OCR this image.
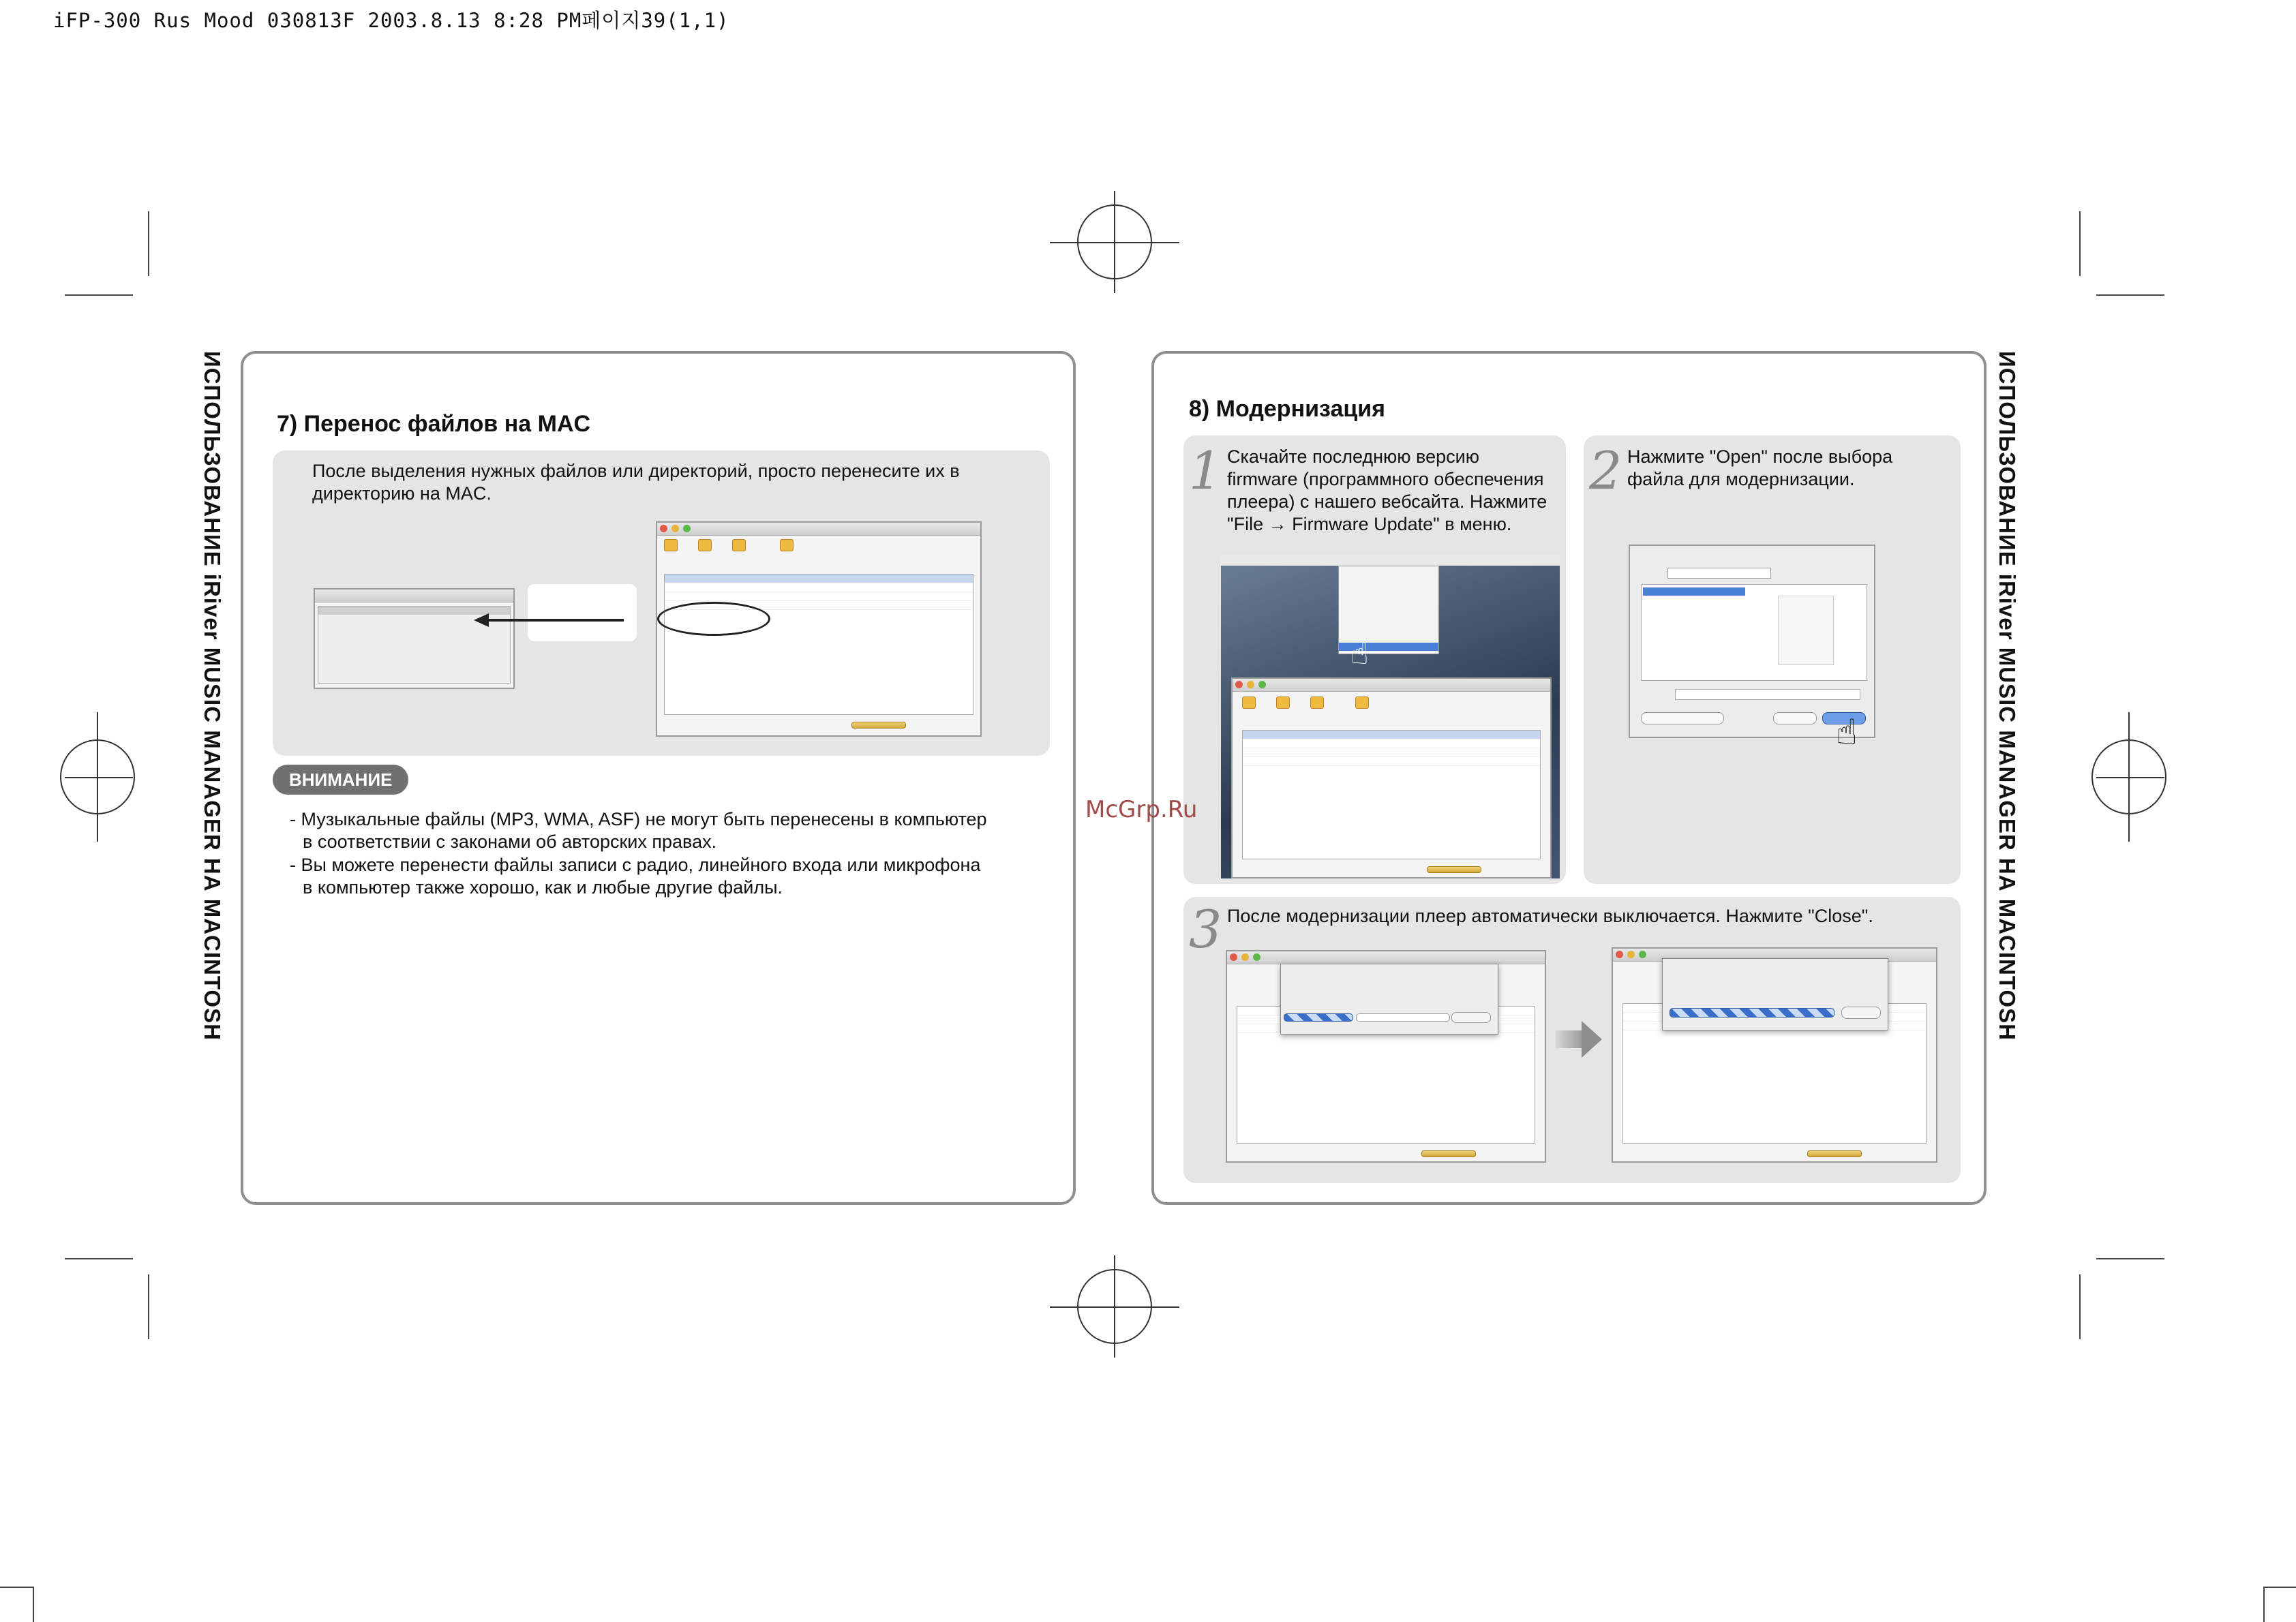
iFP-300 Rus Mood 030813F 2003.8.13 8:28 PM페이지39(1,1)
ИСПОЛЬЗОВАНИЕ iRiver MUSIC MANAGER НА MACINTOSH	ИСПОЛЬЗОВАНИЕ iRiver MUSIC MANAGER НА MACINTOSH
7) Перенос файлов на MAC
После выделения нужных файлов или директорий, просто перенесите их в
директорию на MAC.

ВНИМАНИЕ
- Музыкальные файлы (MP3, WMA, ASF) не могут быть перенесены в компьютер
в соответствии с законами об авторских правах.
- Вы можете перенести файлы записи с радио, линейного входа или микрофона
в компьютер также хорошо, как и любые другие файлы.
8) Модернизация
1 Скачайте последнюю версию
firmware (программного обеспечения
плеера) с нашего вебсайта. Нажмите
"File → Firmware Update" в меню.
☝

2 Нажмите "Open" после выбора
файла для модернизации.
☝
3 После модернизации плеер автоматически выключается. Нажмите "Close".

McGrp.Ru
